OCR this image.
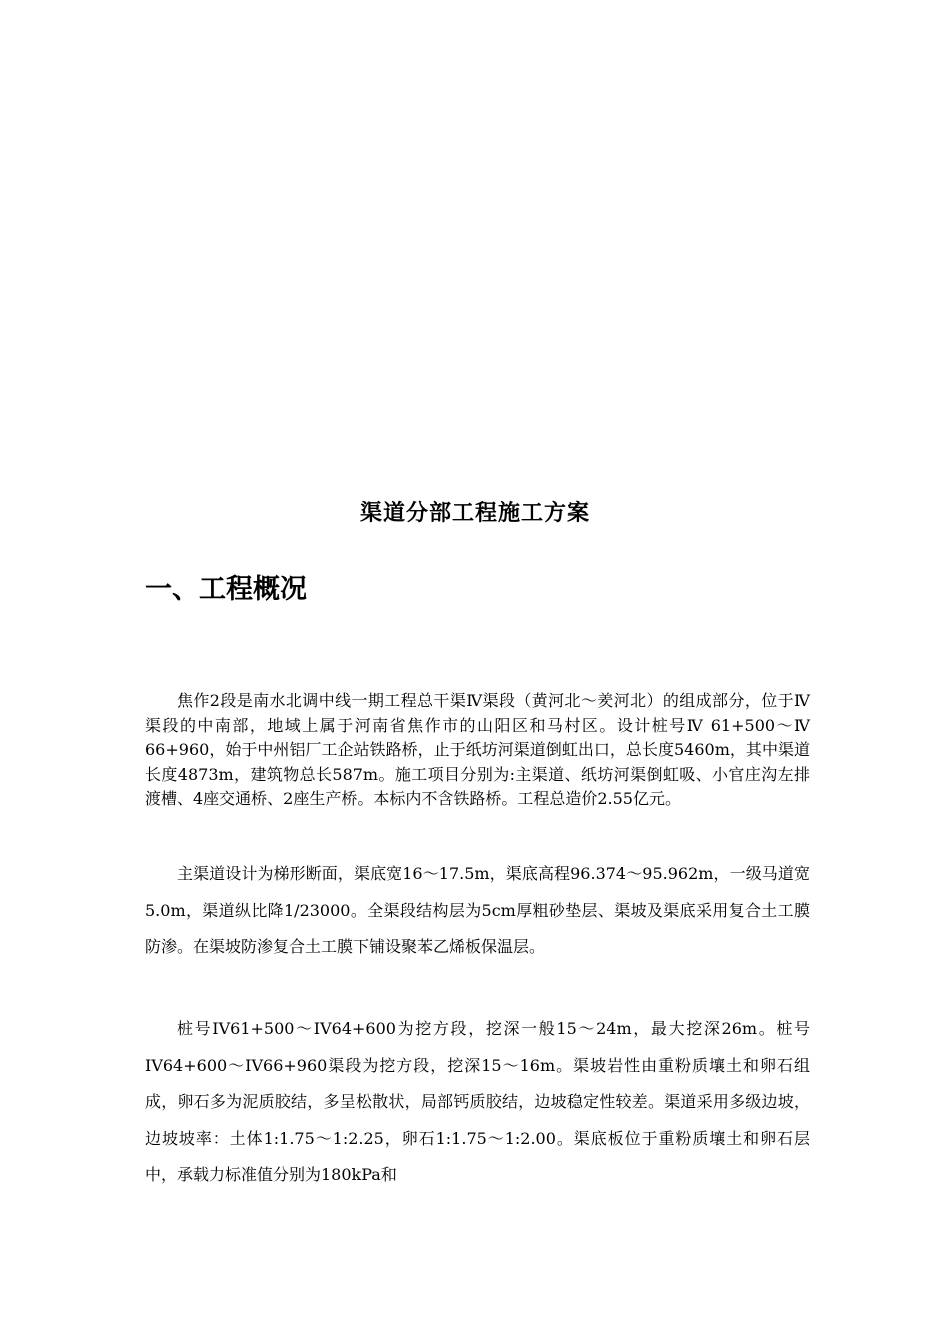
渠道分部工程施工方案
一、工程概况

焦作2段是南水北调中线一期工程总干渠Ⅳ渠段（黄河北～羑河北）的组成部分，位于Ⅳ渠段的中南部，地域上属于河南省焦作市的山阳区和马村区。设计桩号Ⅳ 61+500～Ⅳ 66+960，始于中州铝厂工企站铁路桥，止于纸坊河渠道倒虹出口，总长度5460m，其中渠道长度4873m，建筑物总长587m。施工项目分别为:主渠道、纸坊河渠倒虹吸、小官庄沟左排渡槽、4座交通桥、2座生产桥。本标内不含铁路桥。工程总造价2.55亿元。

主渠道设计为梯形断面，渠底宽16～17.5m，渠底高程96.374～95.962m，一级马道宽5.0m，渠道纵比降1/23000。全渠段结构层为5cm厚粗砂垫层、渠坡及渠底采用复合土工膜防渗。在渠坡防渗复合土工膜下铺设聚苯乙烯板保温层。

桩号IV61+500～IV64+600为挖方段，挖深一般15～24m，最大挖深26m。桩号IV64+600～IV66+960渠段为挖方段，挖深15～16m。渠坡岩性由重粉质壤土和卵石组成，卵石多为泥质胶结，多呈松散状，局部钙质胶结，边坡稳定性较差。渠道采用多级边坡，边坡坡率：土体1:1.75～1:2.25，卵石1:1.75～1:2.00。渠底板位于重粉质壤土和卵石层中，承载力标准值分别为180kPa和
